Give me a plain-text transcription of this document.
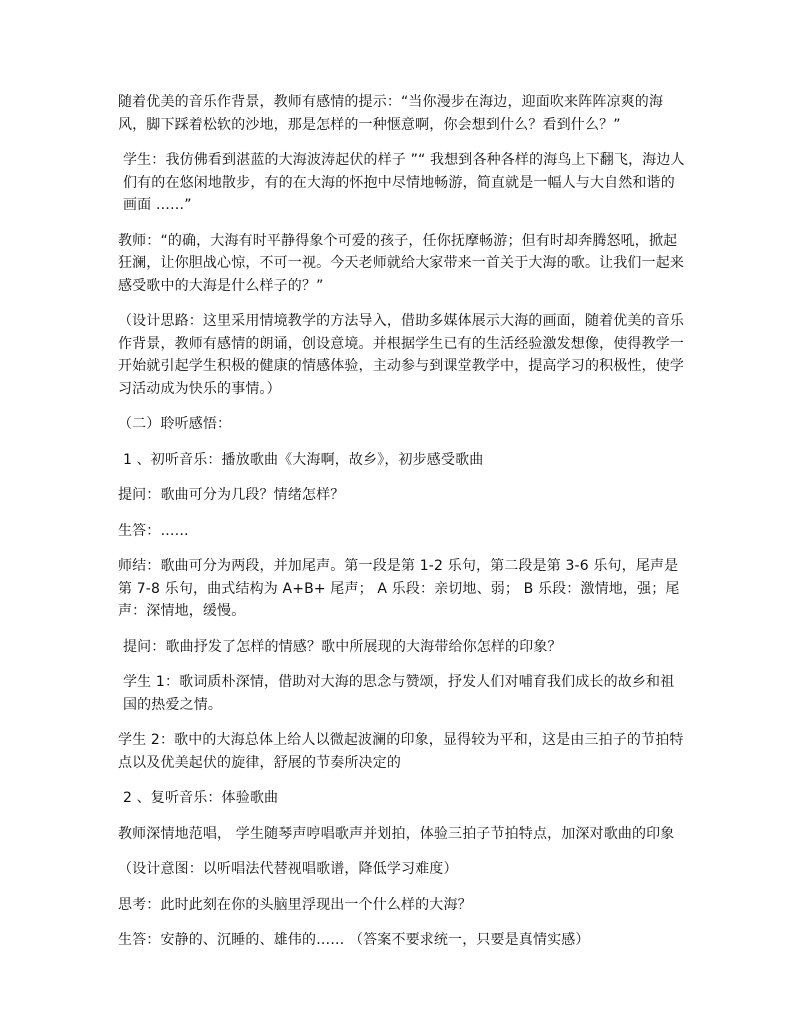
随着优美的音乐作背景，教师有感情的提示：“当你漫步在海边，迎面吹来阵阵凉爽的海风，脚下踩着松软的沙地，那是怎样的一种惬意啊，你会想到什么？看到什么？”

学生：我仿佛看到湛蓝的大海波涛起伏的样子 ”“ 我想到各种各样的海鸟上下翻飞，海边人们有的在悠闲地散步，有的在大海的怀抱中尽情地畅游，简直就是一幅人与大自然和谐的画面 ……”

教师：“的确，大海有时平静得象个可爱的孩子，任你抚摩畅游；但有时却奔腾怒吼，掀起狂澜，让你胆战心惊，不可一视。今天老师就给大家带来一首关于大海的歌。让我们一起来感受歌中的大海是什么样子的？”

（设计思路：这里采用情境教学的方法导入，借助多媒体展示大海的画面，随着优美的音乐作背景，教师有感情的朗诵，创设意境。并根据学生已有的生活经验激发想像，使得教学一开始就引起学生积极的健康的情感体验，主动参与到课堂教学中，提高学习的积极性，使学习活动成为快乐的事情。）

（二）聆听感悟：

1 、初听音乐：播放歌曲《大海啊，故乡》，初步感受歌曲

提问：歌曲可分为几段？情绪怎样？

生答：……

师结：歌曲可分为两段，并加尾声。第一段是第 1-2 乐句，第二段是第 3-6 乐句，尾声是第 7-8 乐句，曲式结构为 A+B+ 尾声； A 乐段：亲切地、弱； B 乐段：激情地，强；尾声：深情地，缓慢。

提问：歌曲抒发了怎样的情感？歌中所展现的大海带给你怎样的印象？

学生 1：歌词质朴深情，借助对大海的思念与赞颂，抒发人们对哺育我们成长的故乡和祖国的热爱之情。

学生 2：歌中的大海总体上给人以微起波澜的印象，显得较为平和，这是由三拍子的节拍特点以及优美起伏的旋律，舒展的节奏所决定的

2 、复听音乐：体验歌曲

教师深情地范唱， 学生随琴声哼唱歌声并划拍，体验三拍子节拍特点，加深对歌曲的印象

（设计意图：以听唱法代替视唱歌谱，降低学习难度）

思考：此时此刻在你的头脑里浮现出一个什么样的大海？

生答：安静的、沉睡的、雄伟的…… （答案不要求统一，只要是真情实感）
